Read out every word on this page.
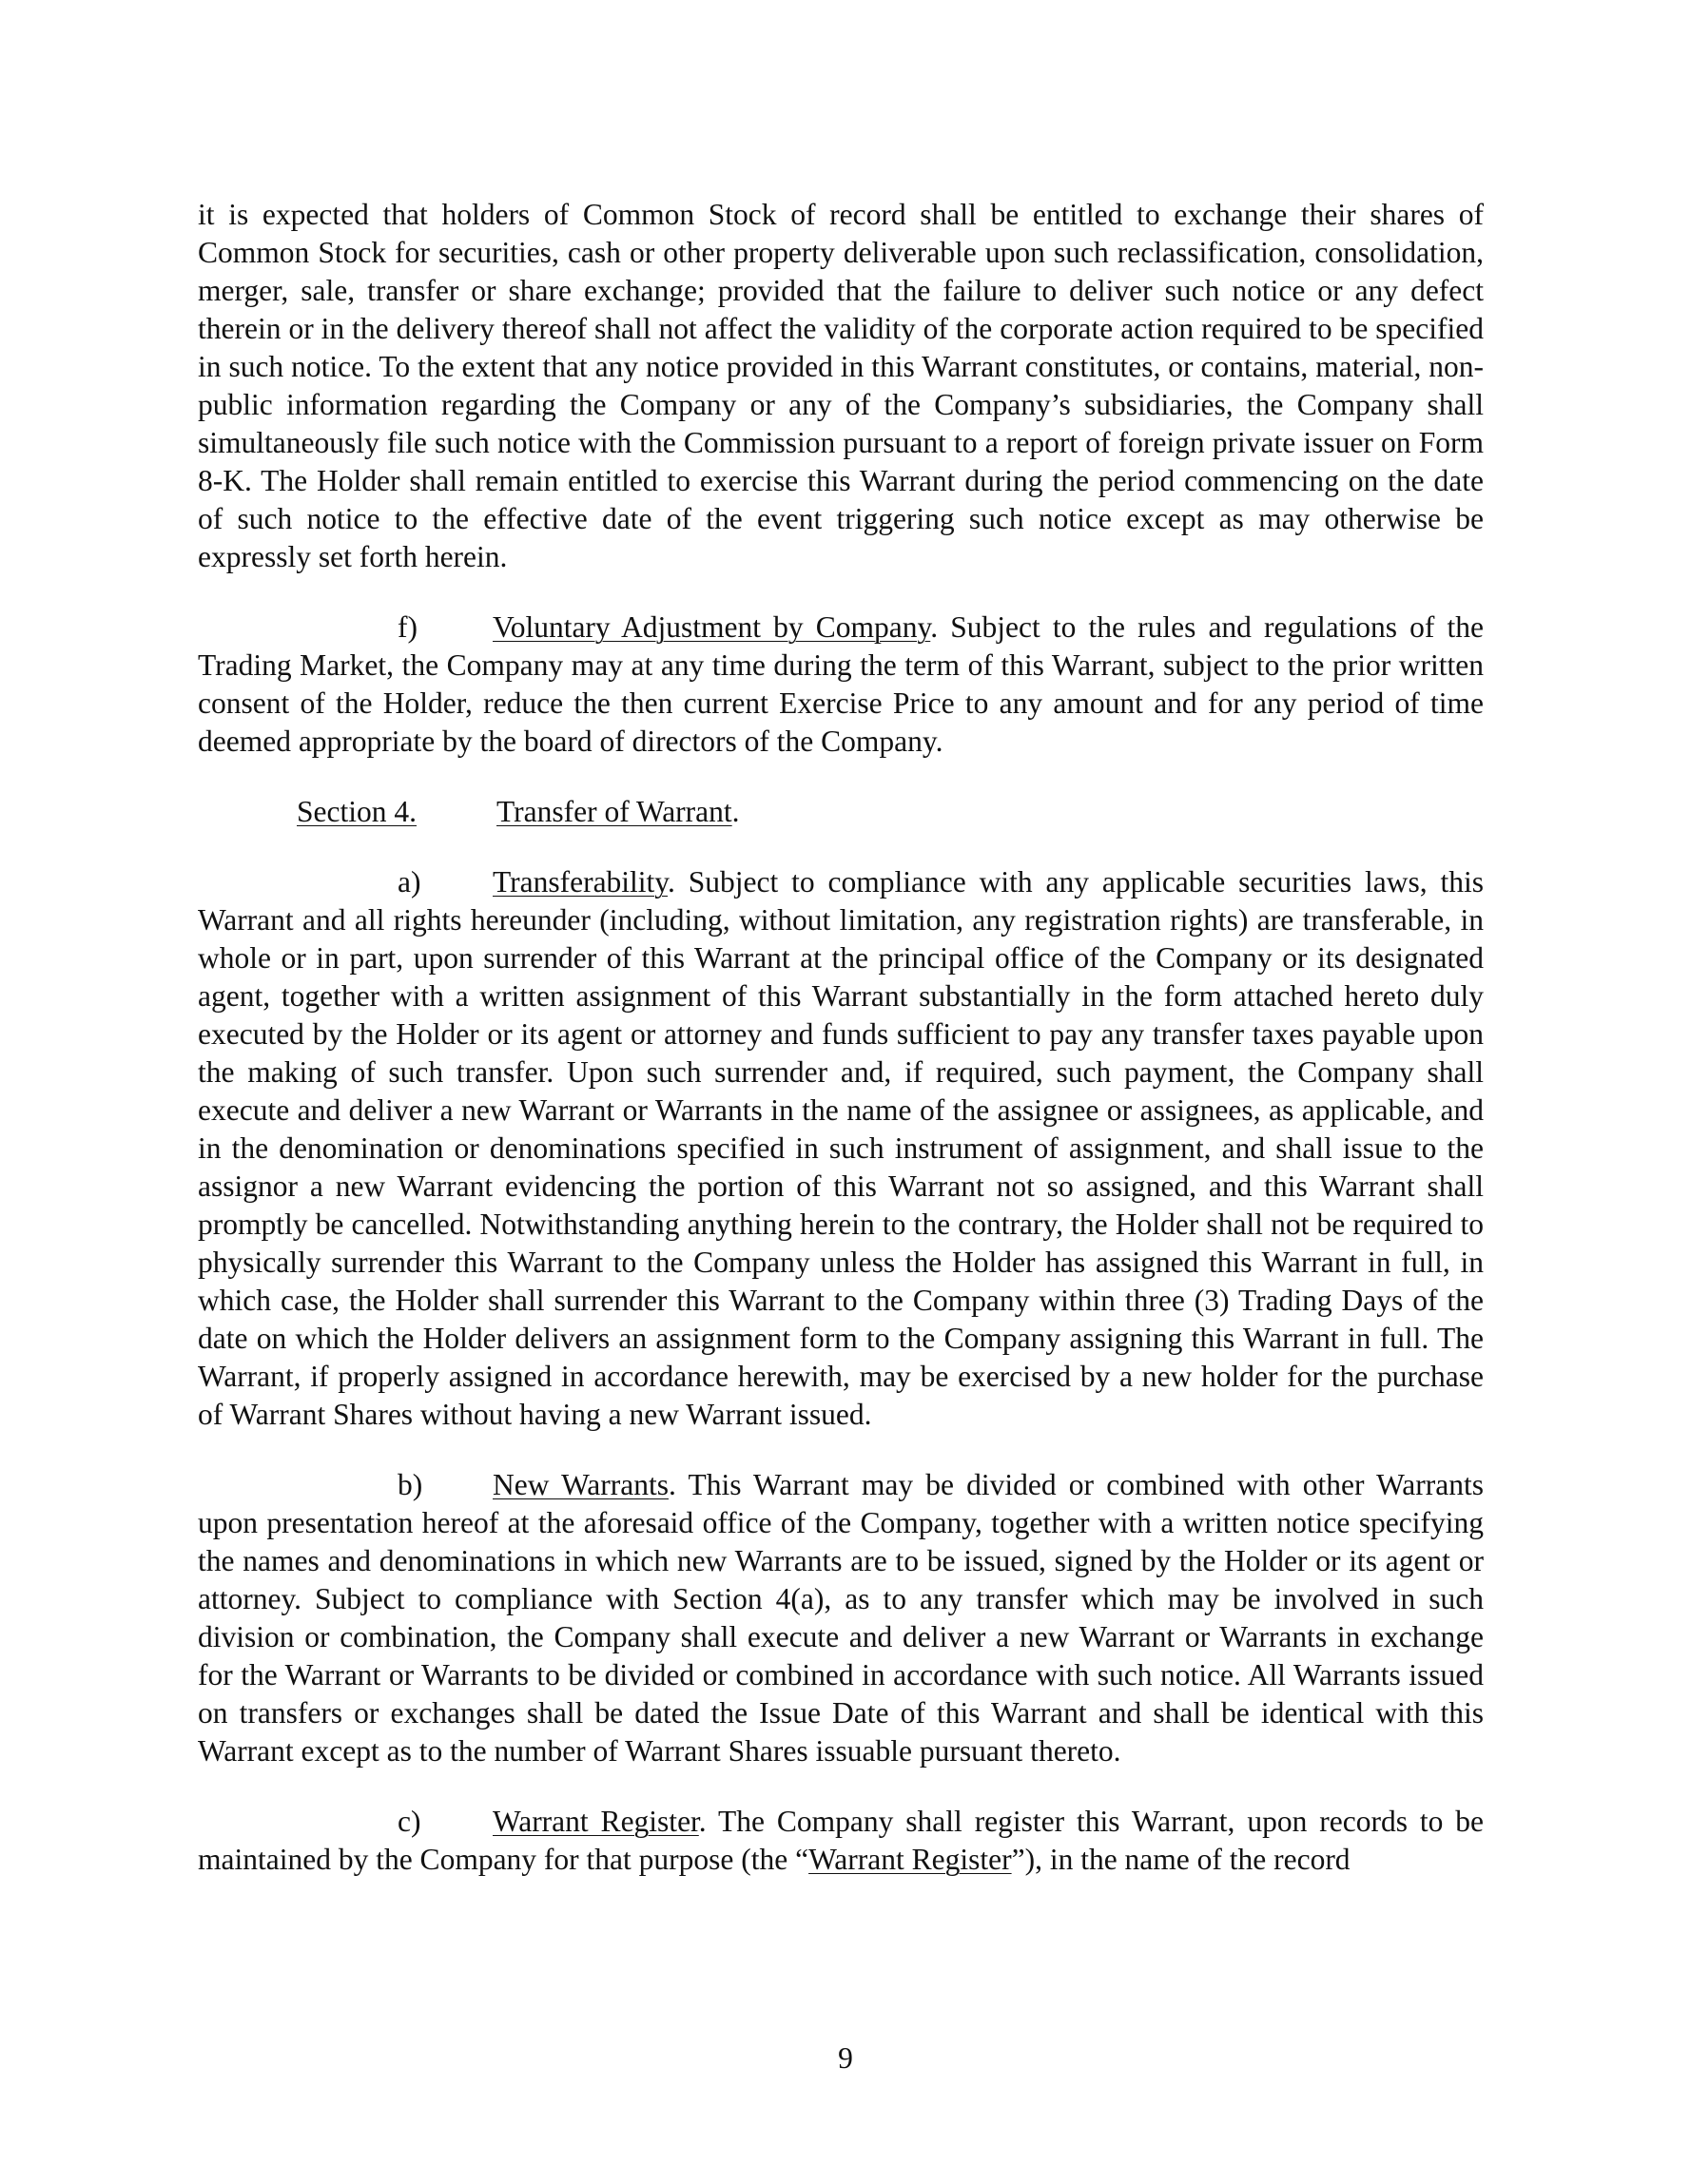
it is expected that holders of Common Stock of record shall be entitled to exchange their shares of Common Stock for securities, cash or other property deliverable upon such reclassification, consolidation, merger, sale, transfer or share exchange; provided that the failure to deliver such notice or any defect therein or in the delivery thereof shall not affect the validity of the corporate action required to be specified in such notice. To the extent that any notice provided in this Warrant constitutes, or contains, material, non-public information regarding the Company or any of the Company’s subsidiaries, the Company shall simultaneously file such notice with the Commission pursuant to a report of foreign private issuer on Form 8-K. The Holder shall remain entitled to exercise this Warrant during the period commencing on the date of such notice to the effective date of the event triggering such notice except as may otherwise be expressly set forth herein.

f)	Voluntary Adjustment by Company. Subject to the rules and regulations of the Trading Market, the Company may at any time during the term of this Warrant, subject to the prior written consent of the Holder, reduce the then current Exercise Price to any amount and for any period of time deemed appropriate by the board of directors of the Company.

Section 4.	Transfer of Warrant.

a) Transferability. Subject to compliance with any applicable securities laws, this Warrant and all rights hereunder (including, without limitation, any registration rights) are transferable, in whole or in part, upon surrender of this Warrant at the principal office of the Company or its designated agent, together with a written assignment of this Warrant substantially in the form attached hereto duly executed by the Holder or its agent or attorney and funds sufficient to pay any transfer taxes payable upon the making of such transfer. Upon such surrender and, if required, such payment, the Company shall execute and deliver a new Warrant or Warrants in the name of the assignee or assignees, as applicable, and in the denomination or denominations specified in such instrument of assignment, and shall issue to the assignor a new Warrant evidencing the portion of this Warrant not so assigned, and this Warrant shall promptly be cancelled. Notwithstanding anything herein to the contrary, the Holder shall not be required to physically surrender this Warrant to the Company unless the Holder has assigned this Warrant in full, in which case, the Holder shall surrender this Warrant to the Company within three (3) Trading Days of the date on which the Holder delivers an assignment form to the Company assigning this Warrant in full. The Warrant, if properly assigned in accordance herewith, may be exercised by a new holder for the purchase of Warrant Shares without having a new Warrant issued.

b) New Warrants. This Warrant may be divided or combined with other Warrants upon presentation hereof at the aforesaid office of the Company, together with a written notice specifying the names and denominations in which new Warrants are to be issued, signed by the Holder or its agent or attorney. Subject to compliance with Section 4(a), as to any transfer which may be involved in such division or combination, the Company shall execute and deliver a new Warrant or Warrants in exchange for the Warrant or Warrants to be divided or combined in accordance with such notice. All Warrants issued on transfers or exchanges shall be dated the Issue Date of this Warrant and shall be identical with this Warrant except as to the number of Warrant Shares issuable pursuant thereto.

c) Warrant Register. The Company shall register this Warrant, upon records to be maintained by the Company for that purpose (the “Warrant Register”), in the name of the record

9
